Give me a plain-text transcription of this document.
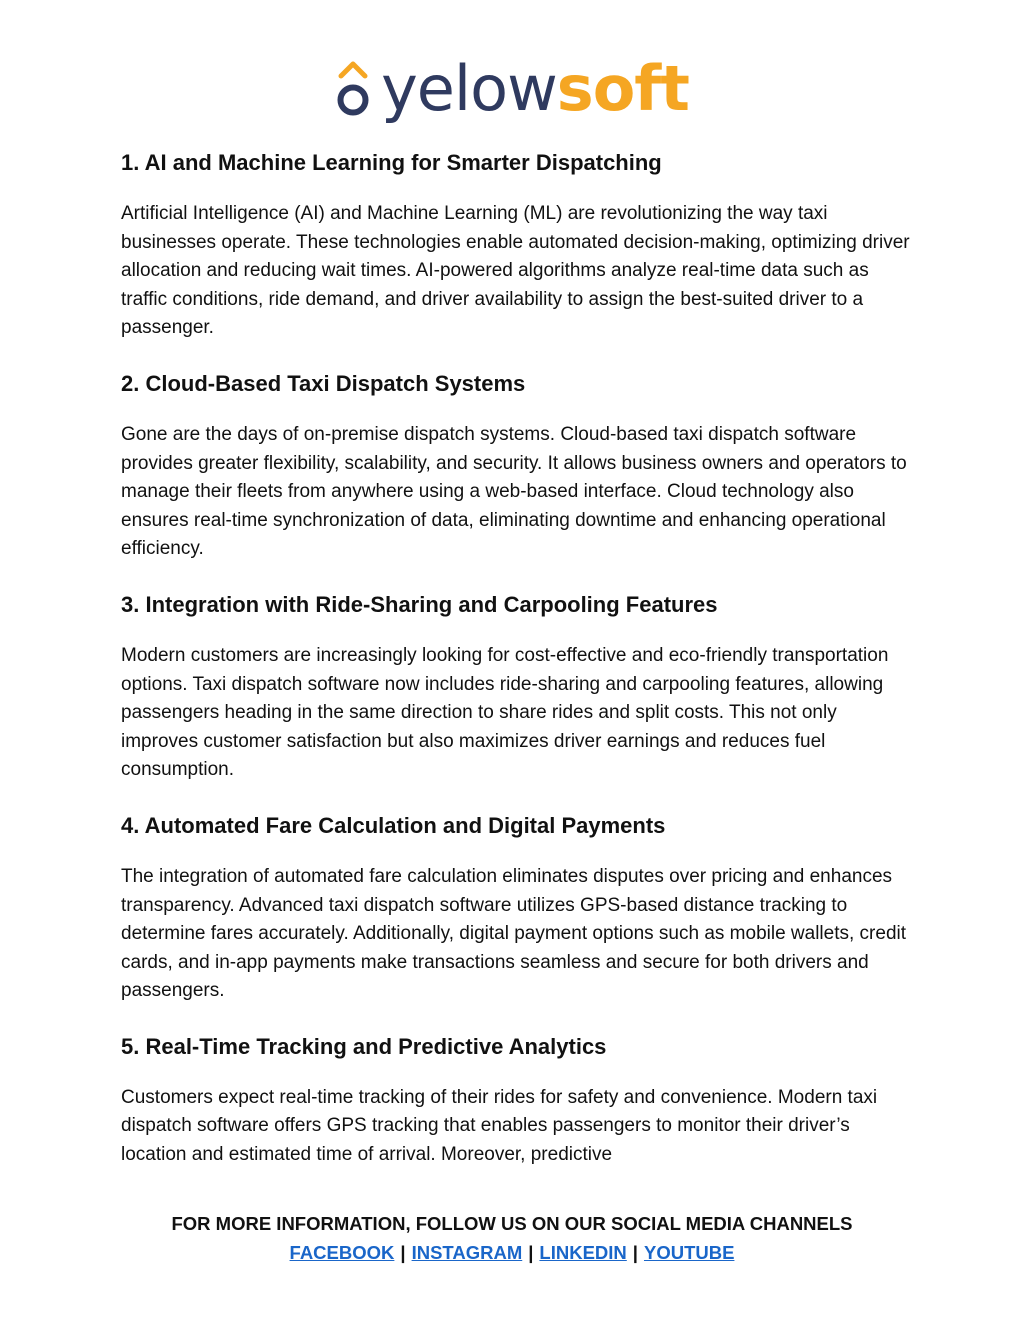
yelowsoft
1. AI and Machine Learning for Smarter Dispatching

Artificial Intelligence (AI) and Machine Learning (ML) are revolutionizing the way taxi businesses operate. These technologies enable automated decision-making, optimizing driver allocation and reducing wait times. AI-powered algorithms analyze real-time data such as traffic conditions, ride demand, and driver availability to assign the best-suited driver to a passenger.

2. Cloud-Based Taxi Dispatch Systems

Gone are the days of on-premise dispatch systems. Cloud-based taxi dispatch software provides greater flexibility, scalability, and security. It allows business owners and operators to manage their fleets from anywhere using a web-based interface. Cloud technology also ensures real-time synchronization of data, eliminating downtime and enhancing operational efficiency.

3. Integration with Ride-Sharing and Carpooling Features

Modern customers are increasingly looking for cost-effective and eco-friendly transportation options. Taxi dispatch software now includes ride-sharing and carpooling features, allowing passengers heading in the same direction to share rides and split costs. This not only improves customer satisfaction but also maximizes driver earnings and reduces fuel consumption.

4. Automated Fare Calculation and Digital Payments

The integration of automated fare calculation eliminates disputes over pricing and enhances transparency. Advanced taxi dispatch software utilizes GPS-based distance tracking to determine fares accurately. Additionally, digital payment options such as mobile wallets, credit cards, and in-app payments make transactions seamless and secure for both drivers and passengers.

5. Real-Time Tracking and Predictive Analytics

Customers expect real-time tracking of their rides for safety and convenience. Modern taxi dispatch software offers GPS tracking that enables passengers to monitor their driver’s location and estimated time of arrival. Moreover, predictive

FOR MORE INFORMATION, FOLLOW US ON OUR SOCIAL MEDIA CHANNELS
FACEBOOK | INSTAGRAM | LINKEDIN | YOUTUBE
